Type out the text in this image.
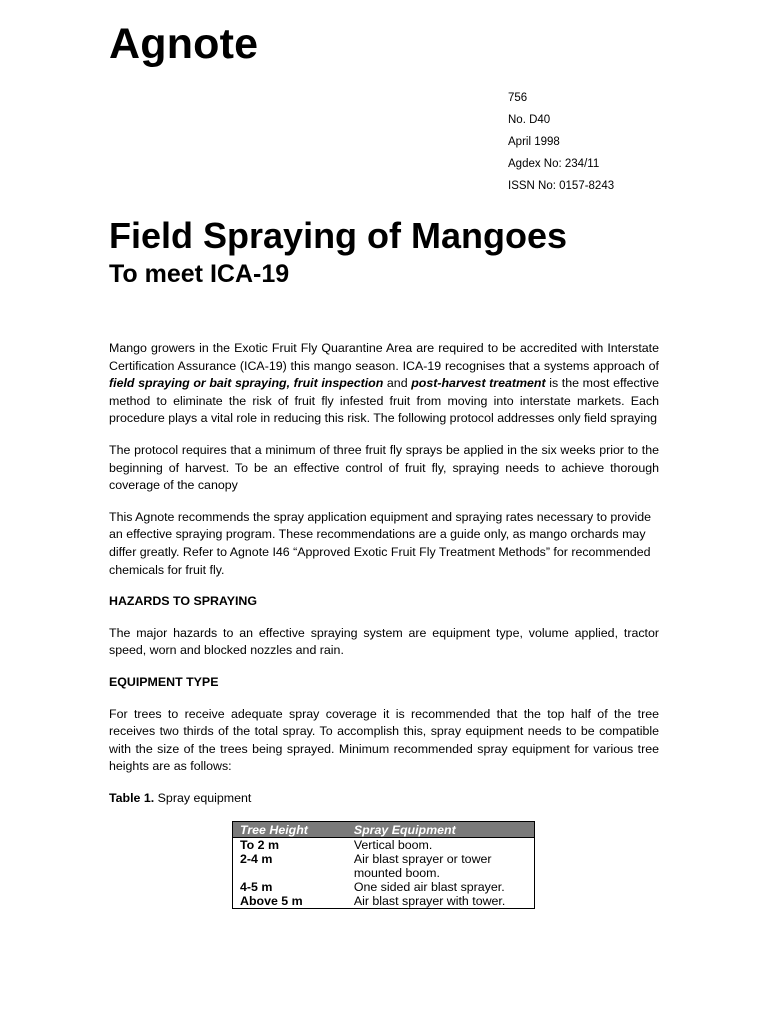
Agnote
756
No. D40
April 1998
Agdex No: 234/11
ISSN No: 0157-8243
Field Spraying of Mangoes
To meet ICA-19

Mango growers in the Exotic Fruit Fly Quarantine Area are required to be accredited with Interstate Certification Assurance (ICA-19) this mango season. ICA-19 recognises that a systems approach of field spraying or bait spraying, fruit inspection and post-harvest treatment is the most effective method to eliminate the risk of fruit fly infested fruit from moving into interstate markets. Each procedure plays a vital role in reducing this risk. The following protocol addresses only field spraying

The protocol requires that a minimum of three fruit fly sprays be applied in the six weeks prior to the beginning of harvest. To be an effective control of fruit fly, spraying needs to achieve thorough coverage of the canopy

This Agnote recommends the spray application equipment and spraying rates necessary to provide an effective spraying program. These recommendations are a guide only, as mango orchards may differ greatly. Refer to Agnote I46 “Approved Exotic Fruit Fly Treatment Methods” for recommended chemicals for fruit fly.

HAZARDS TO SPRAYING

The major hazards to an effective spraying system are equipment type, volume applied, tractor speed, worn and blocked nozzles and rain.

EQUIPMENT TYPE

For trees to receive adequate spray coverage it is recommended that the top half of the tree receives two thirds of the total spray. To accomplish this, spray equipment needs to be compatible with the size of the trees being sprayed. Minimum recommended spray equipment for various tree heights are as follows:

Table 1. Spray equipment

Tree Height	Spray Equipment
To 2 m	Vertical boom.
2-4 m	Air blast sprayer or tower mounted boom.
4-5 m	One sided air blast sprayer.
Above 5 m	Air blast sprayer with tower.
